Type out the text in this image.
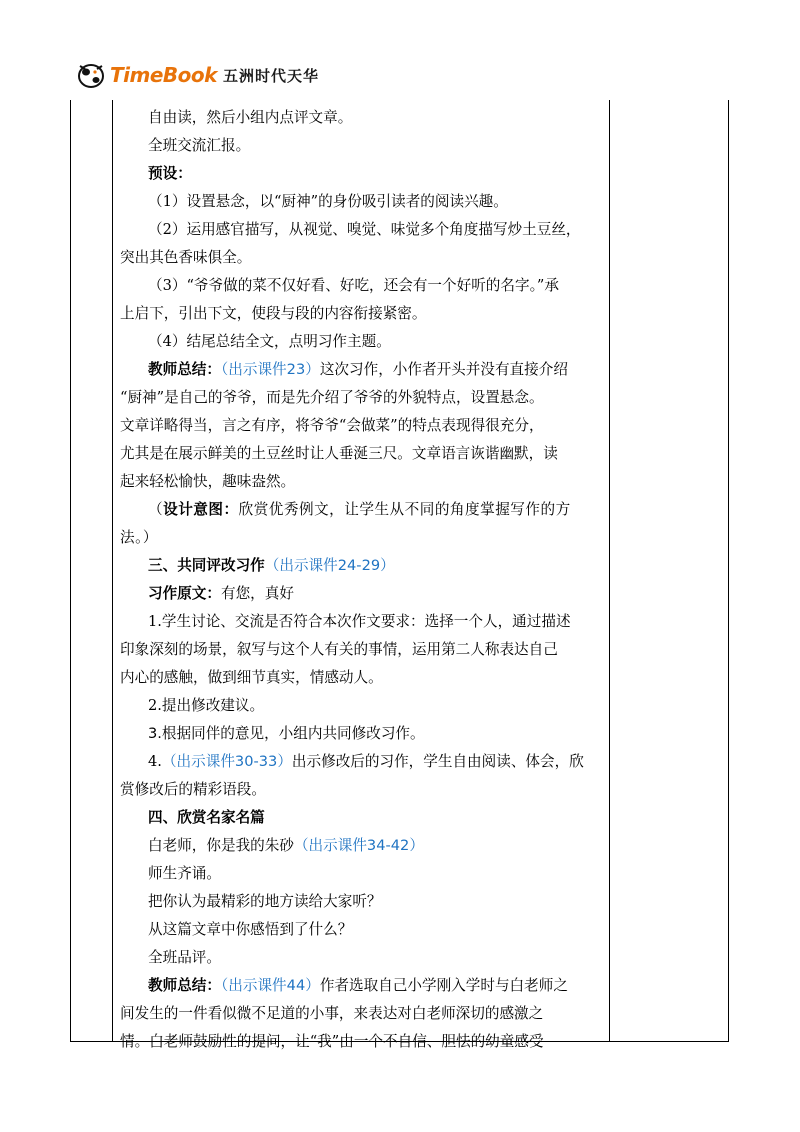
TimeBook 五洲时代天华

自由读，然后小组内点评文章。

全班交流汇报。

预设：

（1）设置悬念，以“厨神”的身份吸引读者的阅读兴趣。

（2）运用感官描写，从视觉、嗅觉、味觉多个角度描写炒土豆丝，

突出其色香味俱全。

（3）“爷爷做的菜不仅好看、好吃，还会有一个好听的名字。”承

上启下，引出下文，使段与段的内容衔接紧密。

（4）结尾总结全文，点明习作主题。

教师总结：（出示课件23）这次习作，小作者开头并没有直接介绍

“厨神”是自己的爷爷，而是先介绍了爷爷的外貌特点，设置悬念。

文章详略得当，言之有序，将爷爷“会做菜”的特点表现得很充分，

尤其是在展示鲜美的土豆丝时让人垂涎三尺。文章语言诙谐幽默，读

起来轻松愉快，趣味盎然。

（设计意图：欣赏优秀例文，让学生从不同的角度掌握写作的方

法。）

三、共同评改习作（出示课件24-29）

习作原文：有您，真好

1.学生讨论、交流是否符合本次作文要求：选择一个人，通过描述

印象深刻的场景，叙写与这个人有关的事情，运用第二人称表达自己

内心的感触，做到细节真实，情感动人。

2.提出修改建议。

3.根据同伴的意见，小组内共同修改习作。

4.（出示课件30-33）出示修改后的习作，学生自由阅读、体会，欣

赏修改后的精彩语段。

四、欣赏名家名篇

白老师，你是我的朱砂（出示课件34-42）

师生齐诵。

把你认为最精彩的地方读给大家听？

从这篇文章中你感悟到了什么？

全班品评。

教师总结：（出示课件44）作者选取自己小学刚入学时与白老师之

间发生的一件看似微不足道的小事，来表达对白老师深切的感激之

情。白老师鼓励性的提问，让“我”由一个不自信、胆怯的幼童感受
